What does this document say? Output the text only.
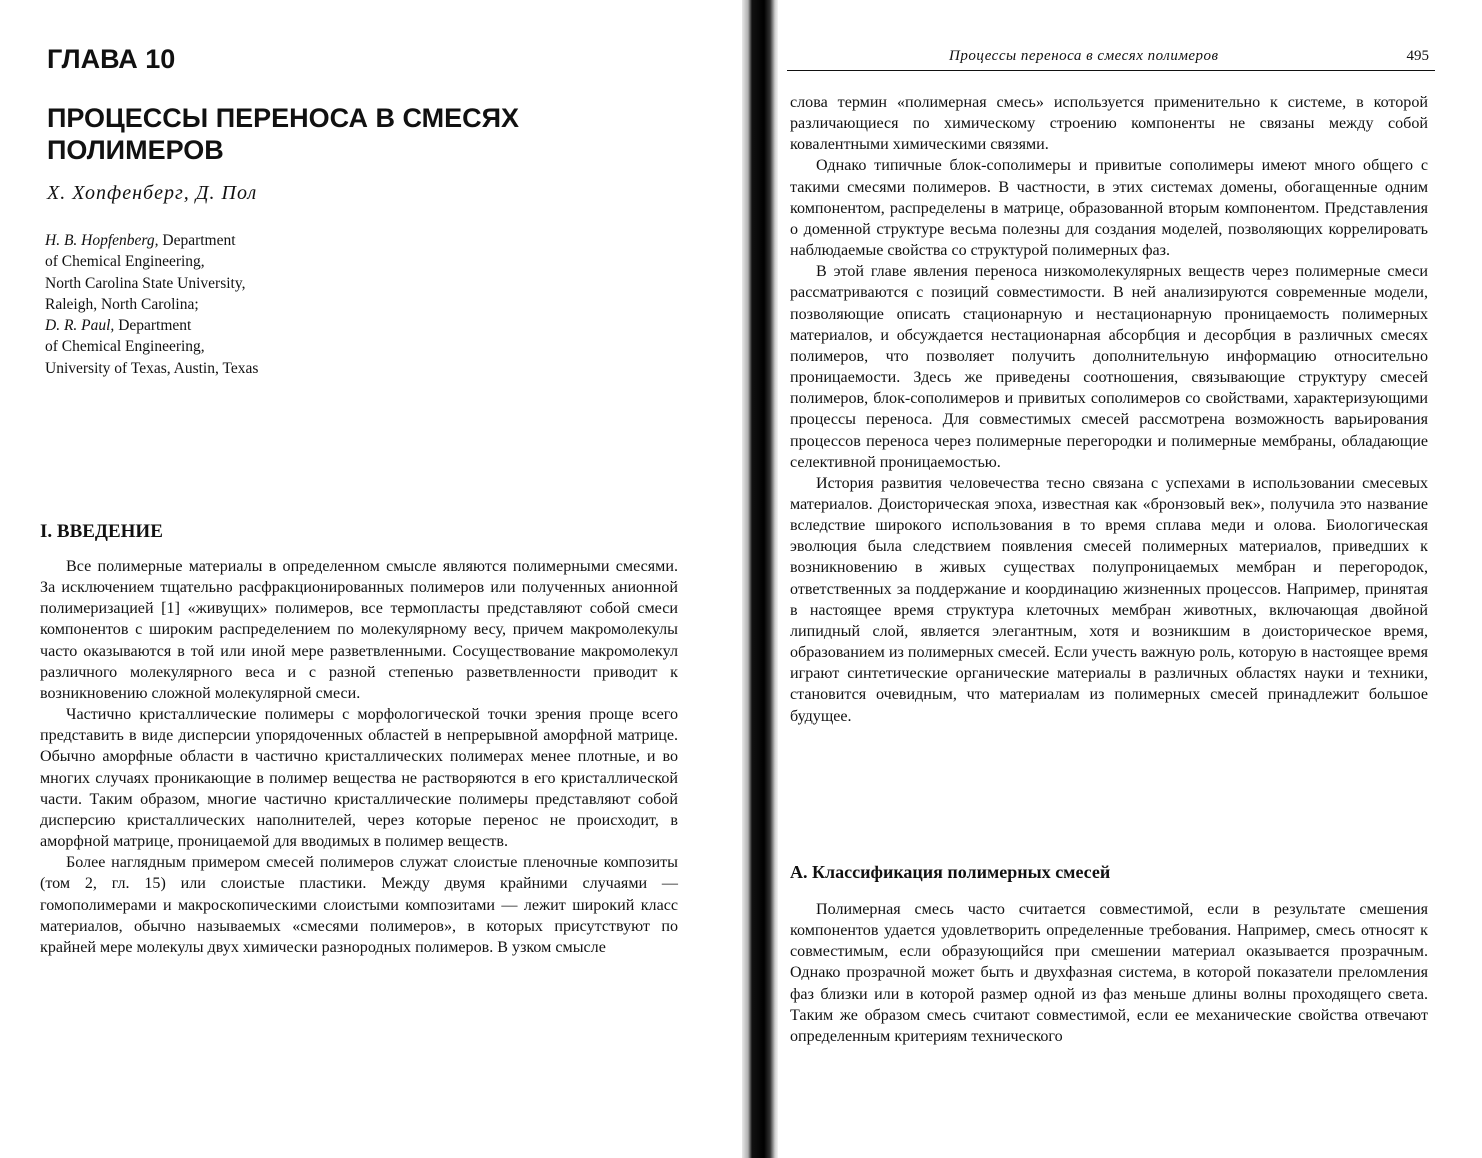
ГЛАВА 10
ПРОЦЕССЫ ПЕРЕНОСА В СМЕСЯХ ПОЛИМЕРОВ
Х. Хопфенберг, Д. Пол
H. B. Hopfenberg, Department
of Chemical Engineering,
North Carolina State University,
Raleigh, North Carolina;
D. R. Paul, Department
of Chemical Engineering,
University of Texas, Austin, Texas
I. ВВЕДЕНИЕ

Все полимерные материалы в определенном смысле являются полимерными смесями. За исключением тщательно расфракционированных полимеров или полученных анионной полимеризацией [1] «живущих» полимеров, все термопласты представляют собой смеси компонентов с широким распределением по молекулярному весу, причем макромолекулы часто оказываются в той или иной мере разветвленными. Сосуществование макромолекул различного молекулярного веса и с разной степенью разветвленности приводит к возникновению сложной молекулярной смеси.

Частично кристаллические полимеры с морфологической точки зрения проще всего представить в виде дисперсии упорядоченных областей в непрерывной аморфной матрице. Обычно аморфные области в частично кристаллических полимерах менее плотные, и во многих случаях проникающие в полимер вещества не растворяются в его кристаллической части. Таким образом, многие частично кристаллические полимеры представляют собой дисперсию кристаллических наполнителей, через которые перенос не происходит, в аморфной матрице, проницаемой для вводимых в полимер веществ.

Более наглядным примером смесей полимеров служат слоистые пленочные композиты (том 2, гл. 15) или слоистые пластики. Между двумя крайними случаями — гомополимерами и макроскопическими слоистыми композитами — лежит широкий класс материалов, обычно называемых «смесями полимеров», в которых присутствуют по крайней мере молекулы двух химически разнородных полимеров. В узком смысле

Процессы переноса в смесях полимеров	495

слова термин «полимерная смесь» используется применительно к системе, в которой различающиеся по химическому строению компоненты не связаны между собой ковалентными химическими связями.

Однако типичные блок-сополимеры и привитые сополимеры имеют много общего с такими смесями полимеров. В частности, в этих системах домены, обогащенные одним компонентом, распределены в матрице, образованной вторым компонентом. Представления о доменной структуре весьма полезны для создания моделей, позволяющих коррелировать наблюдаемые свойства со структурой полимерных фаз.

В этой главе явления переноса низкомолекулярных веществ через полимерные смеси рассматриваются с позиций совместимости. В ней анализируются современные модели, позволяющие описать стационарную и нестационарную проницаемость полимерных материалов, и обсуждается нестационарная абсорбция и десорбция в различных смесях полимеров, что позволяет получить дополнительную информацию относительно проницаемости. Здесь же приведены соотношения, связывающие структуру смесей полимеров, блок-сополимеров и привитых сополимеров со свойствами, характеризующими процессы переноса. Для совместимых смесей рассмотрена возможность варьирования процессов переноса через полимерные перегородки и полимерные мембраны, обладающие селективной проницаемостью.

История развития человечества тесно связана с успехами в использовании смесевых материалов. Доисторическая эпоха, известная как «бронзовый век», получила это название вследствие широкого использования в то время сплава меди и олова. Биологическая эволюция была следствием появления смесей полимерных материалов, приведших к возникновению в живых существах полупроницаемых мембран и перегородок, ответственных за поддержание и координацию жизненных процессов. Например, принятая в настоящее время структура клеточных мембран животных, включающая двойной липидный слой, является элегантным, хотя и возникшим в доисторическое время, образованием из полимерных смесей. Если учесть важную роль, которую в настоящее время играют синтетические органические материалы в различных областях науки и техники, становится очевидным, что материалам из полимерных смесей принадлежит большое будущее.

А. Классификация полимерных смесей

Полимерная смесь часто считается совместимой, если в результате смешения компонентов удается удовлетворить определенные требования. Например, смесь относят к совместимым, если образующийся при смешении материал оказывается прозрачным. Однако прозрачной может быть и двухфазная система, в которой показатели преломления фаз близки или в которой размер одной из фаз меньше длины волны проходящего света. Таким же образом смесь считают совместимой, если ее механические свойства отвечают определенным критериям технического
